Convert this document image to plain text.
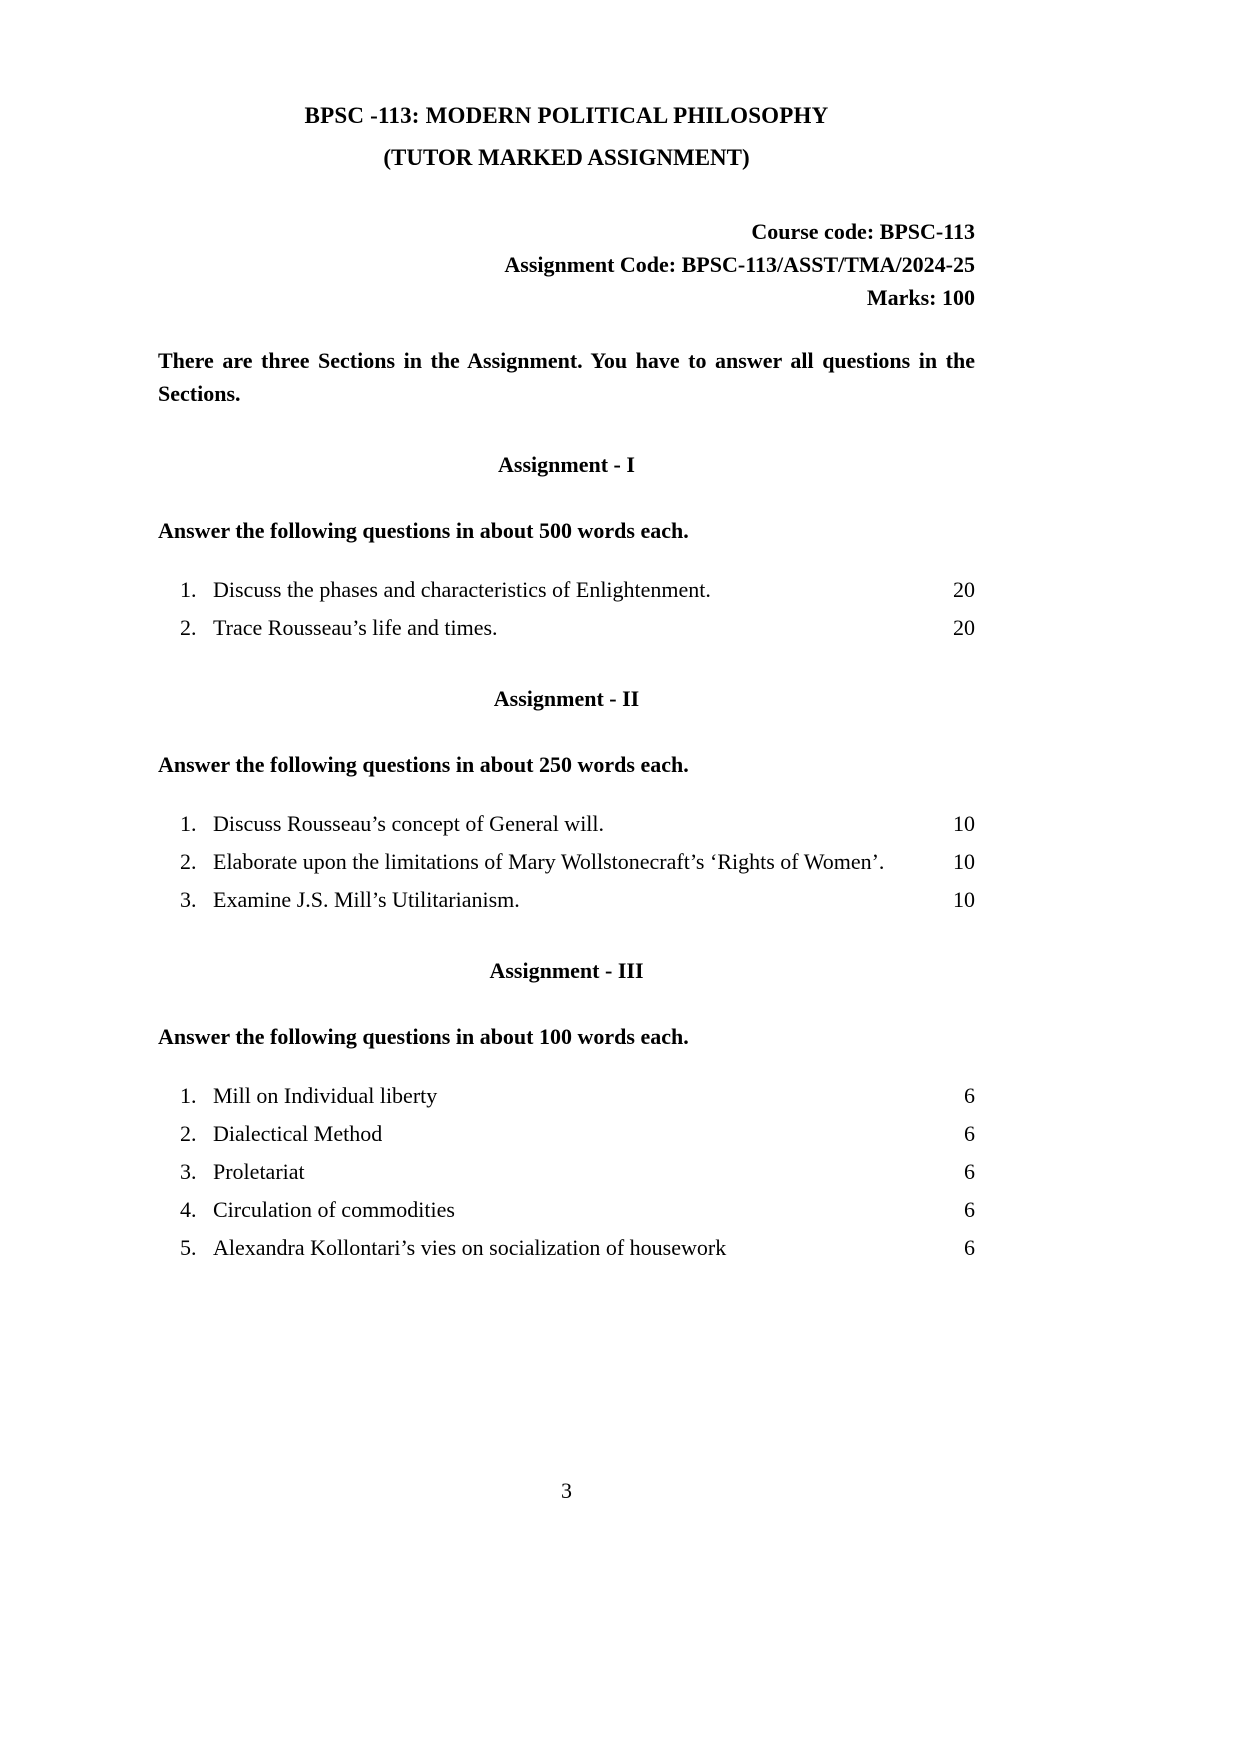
BPSC -113: MODERN POLITICAL PHILOSOPHY
(TUTOR MARKED ASSIGNMENT)
Course code: BPSC-113
Assignment Code: BPSC-113/ASST/TMA/2024-25
Marks: 100

There are three Sections in the Assignment. You have to answer all questions in the Sections.

Assignment - I

Answer the following questions in about 500 words each.

1. Discuss the phases and characteristics of Enlightenment.	20
2. Trace Rousseau’s life and times.	20
Assignment - II

Answer the following questions in about 250 words each.

1. Discuss Rousseau’s concept of General will.	10
2. Elaborate upon the limitations of Mary Wollstonecraft’s ‘Rights of Women’.	10
3. Examine J.S. Mill’s Utilitarianism.	10
Assignment - III

Answer the following questions in about 100 words each.

1. Mill on Individual liberty	6
2. Dialectical Method	6
3. Proletariat	6
4. Circulation of commodities	6
5. Alexandra Kollontari’s vies on socialization of housework	6
3
